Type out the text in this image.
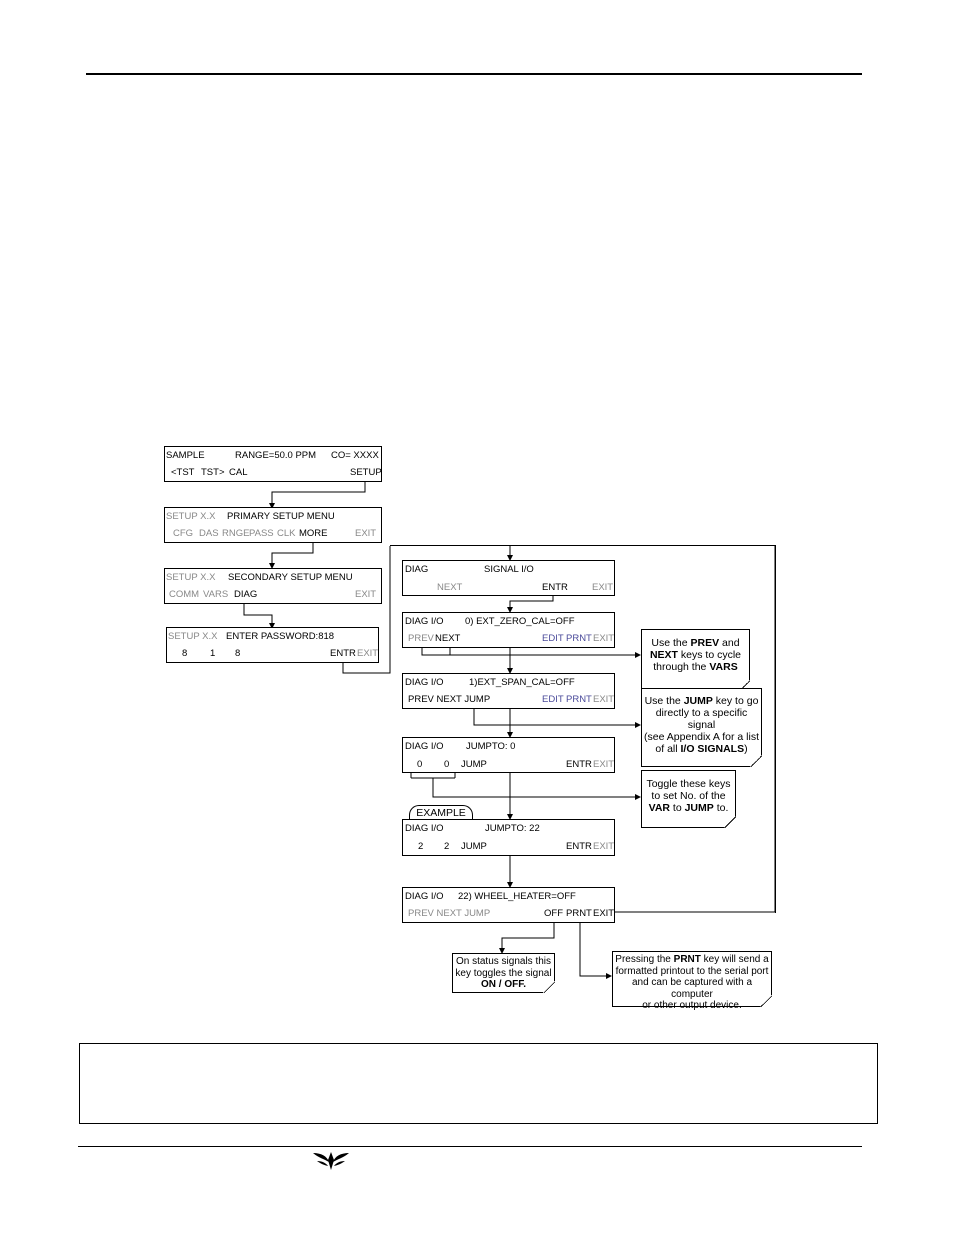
SAMPLE	RANGE=50.0 PPM CO= XXXX
<TST TST> CAL	SETUP
SETUP X.X PRIMARY SETUP MENU
CFG DAS RNGE PASS CLK MORE	EXIT
SETUP X.X SECONDARY SETUP MENU
COMM VARS DIAG	EXIT
SETUP X.X ENTER PASSWORD:818
8 1 8	ENTR EXIT
DIAG	SIGNAL I/O
NEXT	ENTR	EXIT
DIAG I/O 0) EXT_ZERO_CAL=OFF
PREV NEXT	EDIT PRNT EXIT
DIAG I/O	1)EXT_SPAN_CAL=OFF
PREV NEXT JUMP	EDIT PRNT EXIT
DIAG I/O JUMPTO: 0
0 0 JUMP	ENTR EXIT
EXAMPLE
DIAG I/O	JUMPTO: 22
2 2 JUMP	ENTR EXIT
DIAG I/O 22) WHEEL_HEATER=OFF
PREV NEXT JUMP	OFF PRNT EXIT
Use the PREV and
NEXT keys to cycle
through the VARS
Use the JUMP key to go
directly to a specific
signal
(see Appendix A for a list
of all I/O SIGNALS)
Toggle these keys
to set No. of the
VAR to JUMP to.
On status signals this
key toggles the signal
ON / OFF.
Pressing the PRNT key will send a
formatted printout to the serial port
and can be captured with a computer
or other output device.
